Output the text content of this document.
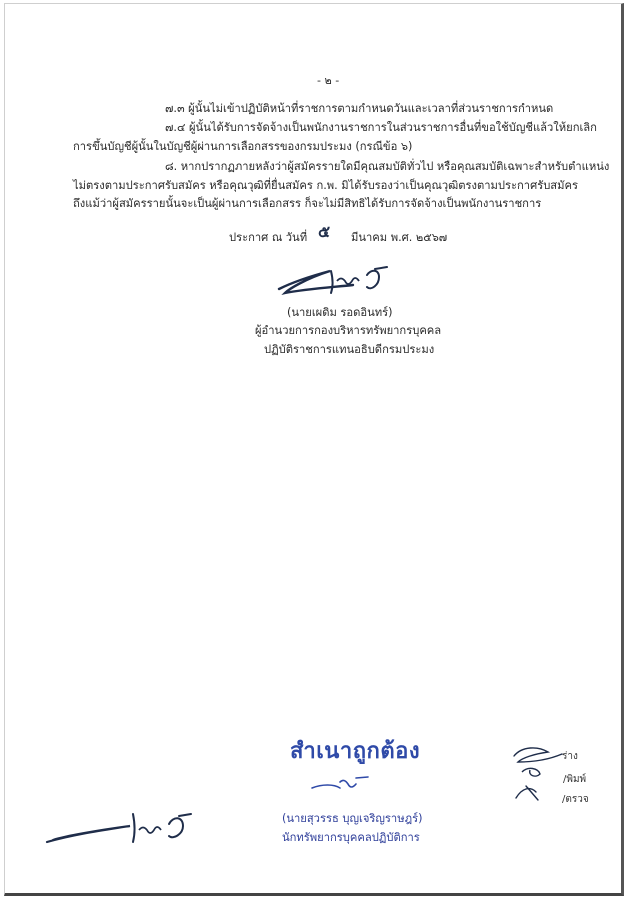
- ๒ -
๗.๓ ผู้นั้นไม่เข้าปฏิบัติหน้าที่ราชการตามกำหนดวันและเวลาที่ส่วนราชการกำหนด
๗.๔ ผู้นั้นได้รับการจัดจ้างเป็นพนักงานราชการในส่วนราชการอื่นที่ขอใช้บัญชีแล้วให้ยกเลิก
การขึ้นบัญชีผู้นั้นในบัญชีผู้ผ่านการเลือกสรรของกรมประมง (กรณีข้อ ๖)
๘. หากปรากฏภายหลังว่าผู้สมัครรายใดมีคุณสมบัติทั่วไป หรือคุณสมบัติเฉพาะสำหรับตำแหน่ง
ไม่ตรงตามประกาศรับสมัคร หรือคุณวุฒิที่ยื่นสมัคร ก.พ. มิได้รับรองว่าเป็นคุณวุฒิตรงตามประกาศรับสมัคร
ถึงแม้ว่าผู้สมัครรายนั้นจะเป็นผู้ผ่านการเลือกสรร ก็จะไม่มีสิทธิได้รับการจัดจ้างเป็นพนักงานราชการ
ประกาศ ณ วันที่ ๕ มีนาคม พ.ศ. ๒๕๖๗
(นายเผดิม รอดอินทร์)
ผู้อำนวยการกองบริหารทรัพยากรบุคคล
ปฏิบัติราชการแทนอธิบดีกรมประมง
สำเนาถูกต้อง
(นายสุวรรธ บุญเจริญราษฎร์)
นักทรัพยากรบุคคลปฏิบัติการ
ร่าง
/พิมพ์
/ตรวจ
